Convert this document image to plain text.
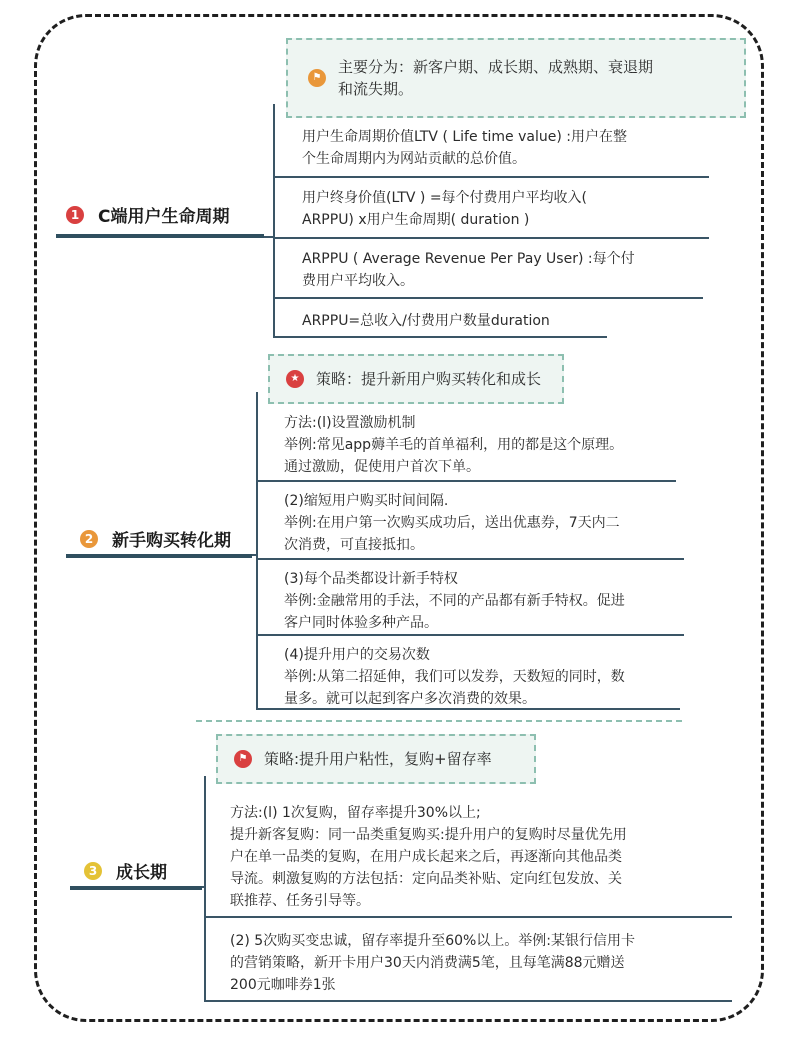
⚑
主要分为：新客户期、成长期、成熟期、衰退期
和流失期。
用户生命周期价值LTV ( Life time value) :用户在整
个生命周期内为网站贡献的总价值。
用户终身价值(LTV ) =每个付费用户平均收入(
ARPPU) x用户生命周期( duration )
ARPPU ( Average Revenue Per Pay User) :每个付
费用户平均收入。
ARPPU=总收入/付费用户数量duration
1 C端用户生命周期
★	策略：提升新用户购买转化和成长
方法:(l)设置激励机制
举例:常见app薅羊毛的首单福利，用的都是这个原理。
通过激励，促使用户首次下单。
(2)缩短用户购买时间间隔.
举例:在用户第一次购买成功后，送出优惠券，7天内二
次消费，可直接抵扣。
(3)每个品类都设计新手特权
举例:金融常用的手法，不同的产品都有新手特权。促进
客户同时体验多种产品。
(4)提升用户的交易次数
举例:从第二招延伸，我们可以发券，天数短的同时，数
量多。就可以起到客户多次消费的效果。
2 新手购买转化期
⚑	策略:提升用户粘性，复购+留存率
方法:(l) 1次复购，留存率提升30%以上;
提升新客复购：同一品类重复购买:提升用户的复购时尽量优先用
户在单一品类的复购，在用户成长起来之后，再逐渐向其他品类
导流。刺激复购的方法包括：定向品类补贴、定向红包发放、关
联推荐、任务引导等。
(2) 5次购买变忠诚，留存率提升至60%以上。举例:某银行信用卡
的营销策略，新开卡用户30天内消费满5笔，且每笔满88元赠送
200元咖啡券1张
3 成长期
